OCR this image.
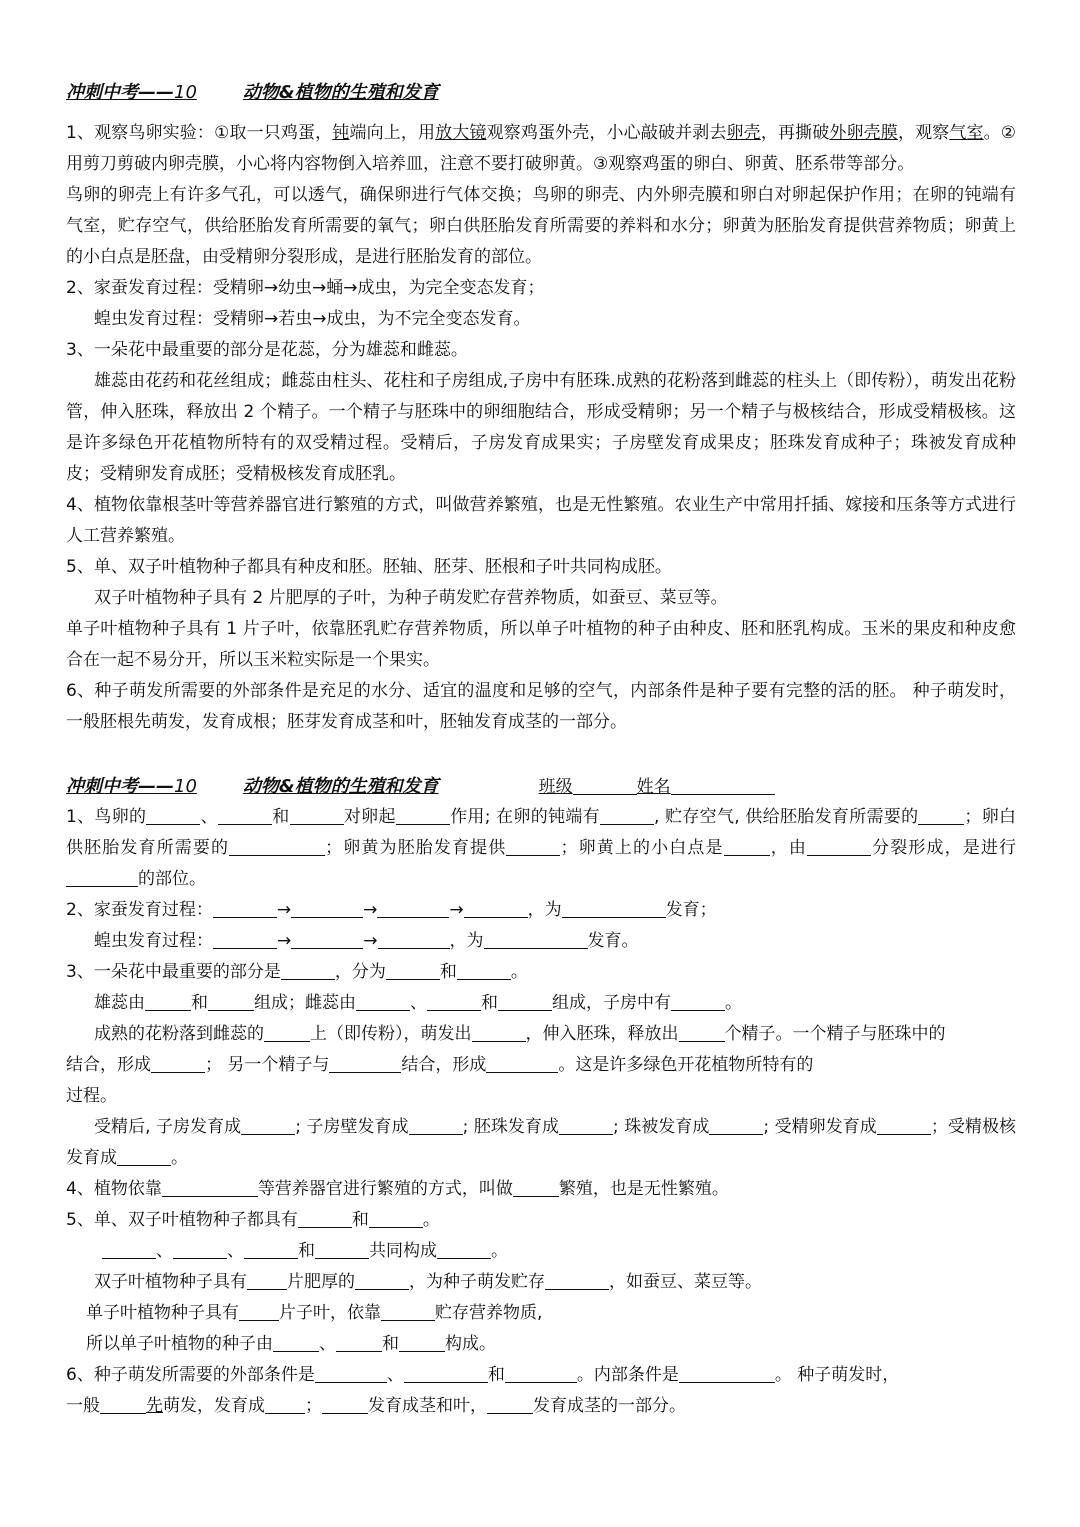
冲刺中考——10	动物&植物的生殖和发育

1、观察鸟卵实验：①取一只鸡蛋，钝端向上，用放大镜观察鸡蛋外壳，小心敲破并剥去卵壳，再撕破外卵壳膜，观察气室。②用剪刀剪破内卵壳膜，小心将内容物倒入培养皿，注意不要打破卵黄。③观察鸡蛋的卵白、卵黄、胚系带等部分。

鸟卵的卵壳上有许多气孔，可以透气，确保卵进行气体交换；鸟卵的卵壳、内外卵壳膜和卵白对卵起保护作用；在卵的钝端有气室，贮存空气，供给胚胎发育所需要的氧气；卵白供胚胎发育所需要的养料和水分；卵黄为胚胎发育提供营养物质；卵黄上的小白点是胚盘，由受精卵分裂形成，是进行胚胎发育的部位。

2、家蚕发育过程：受精卵→幼虫→蛹→成虫，为完全变态发育；

蝗虫发育过程：受精卵→若虫→成虫，为不完全变态发育。

3、一朵花中最重要的部分是花蕊，分为雄蕊和雌蕊。

雄蕊由花药和花丝组成；雌蕊由柱头、花柱和子房组成,子房中有胚珠.成熟的花粉落到雌蕊的柱头上（即传粉），萌发出花粉管，伸入胚珠，释放出 2 个精子。一个精子与胚珠中的卵细胞结合，形成受精卵；另一个精子与极核结合，形成受精极核。这是许多绿色开花植物所特有的双受精过程。受精后，子房发育成果实；子房壁发育成果皮；胚珠发育成种子；珠被发育成种皮；受精卵发育成胚；受精极核发育成胚乳。

4、植物依靠根茎叶等营养器官进行繁殖的方式，叫做营养繁殖，也是无性繁殖。农业生产中常用扦插、嫁接和压条等方式进行人工营养繁殖。

5、单、双子叶植物种子都具有种皮和胚。胚轴、胚芽、胚根和子叶共同构成胚。

双子叶植物种子具有 2 片肥厚的子叶，为种子萌发贮存营养物质，如蚕豆、菜豆等。

单子叶植物种子具有 1 片子叶，依靠胚乳贮存营养物质，所以单子叶植物的种子由种皮、胚和胚乳构成。玉米的果皮和种皮愈合在一起不易分开，所以玉米粒实际是一个果实。

6、种子萌发所需要的外部条件是充足的水分、适宜的温度和足够的空气，内部条件是种子要有完整的活的胚。 种子萌发时，一般胚根先萌发，发育成根；胚芽发育成茎和叶，胚轴发育成茎的一部分。

冲刺中考——10	动物&植物的生殖和发育	班级	姓名

1、鸟卵的	、	和	对卵起	作用; 在卵的钝端有	, 贮存空气, 供给胚胎发育所需要的	；卵白供胚胎发育所需要的	；卵黄为胚胎发育提供	；卵黄上的小白点是	，由	分裂形成，是进行的部位。

2、家蚕发育过程：	→	→	→	，为	发育；

蝗虫发育过程：	→	→	，为	发育。

3、一朵花中最重要的部分是	，分为	和	。

雄蕊由	和	组成；雌蕊由	、	和	组成，子房中有	。

成熟的花粉落到雌蕊的	上（即传粉），萌发出	，伸入胚珠，释放出	个精子。一个精子与胚珠中的
结合，形成	； 另一个精子与	结合，形成	。这是许多绿色开花植物所特有的
过程。

受精后, 子房发育成	; 子房壁发育成	; 胚珠发育成	; 珠被发育成	; 受精卵发育成	；受精极核发育成	。

4、植物依靠	等营养器官进行繁殖的方式，叫做	繁殖，也是无性繁殖。

5、单、双子叶植物种子都具有	和	。

、	、	和	共同构成	。

双子叶植物种子具有 片肥厚的	，为种子萌发贮存	，如蚕豆、菜豆等。

单子叶植物种子具有 片子叶，依靠	贮存营养物质,

所以单子叶植物的种子由	、	和	构成。

6、种子萌发所需要的外部条件是	、	和	。内部条件是	。 种子萌发时，

一般	先萌发，发育成 ；	发育成茎和叶，	发育成茎的一部分。
